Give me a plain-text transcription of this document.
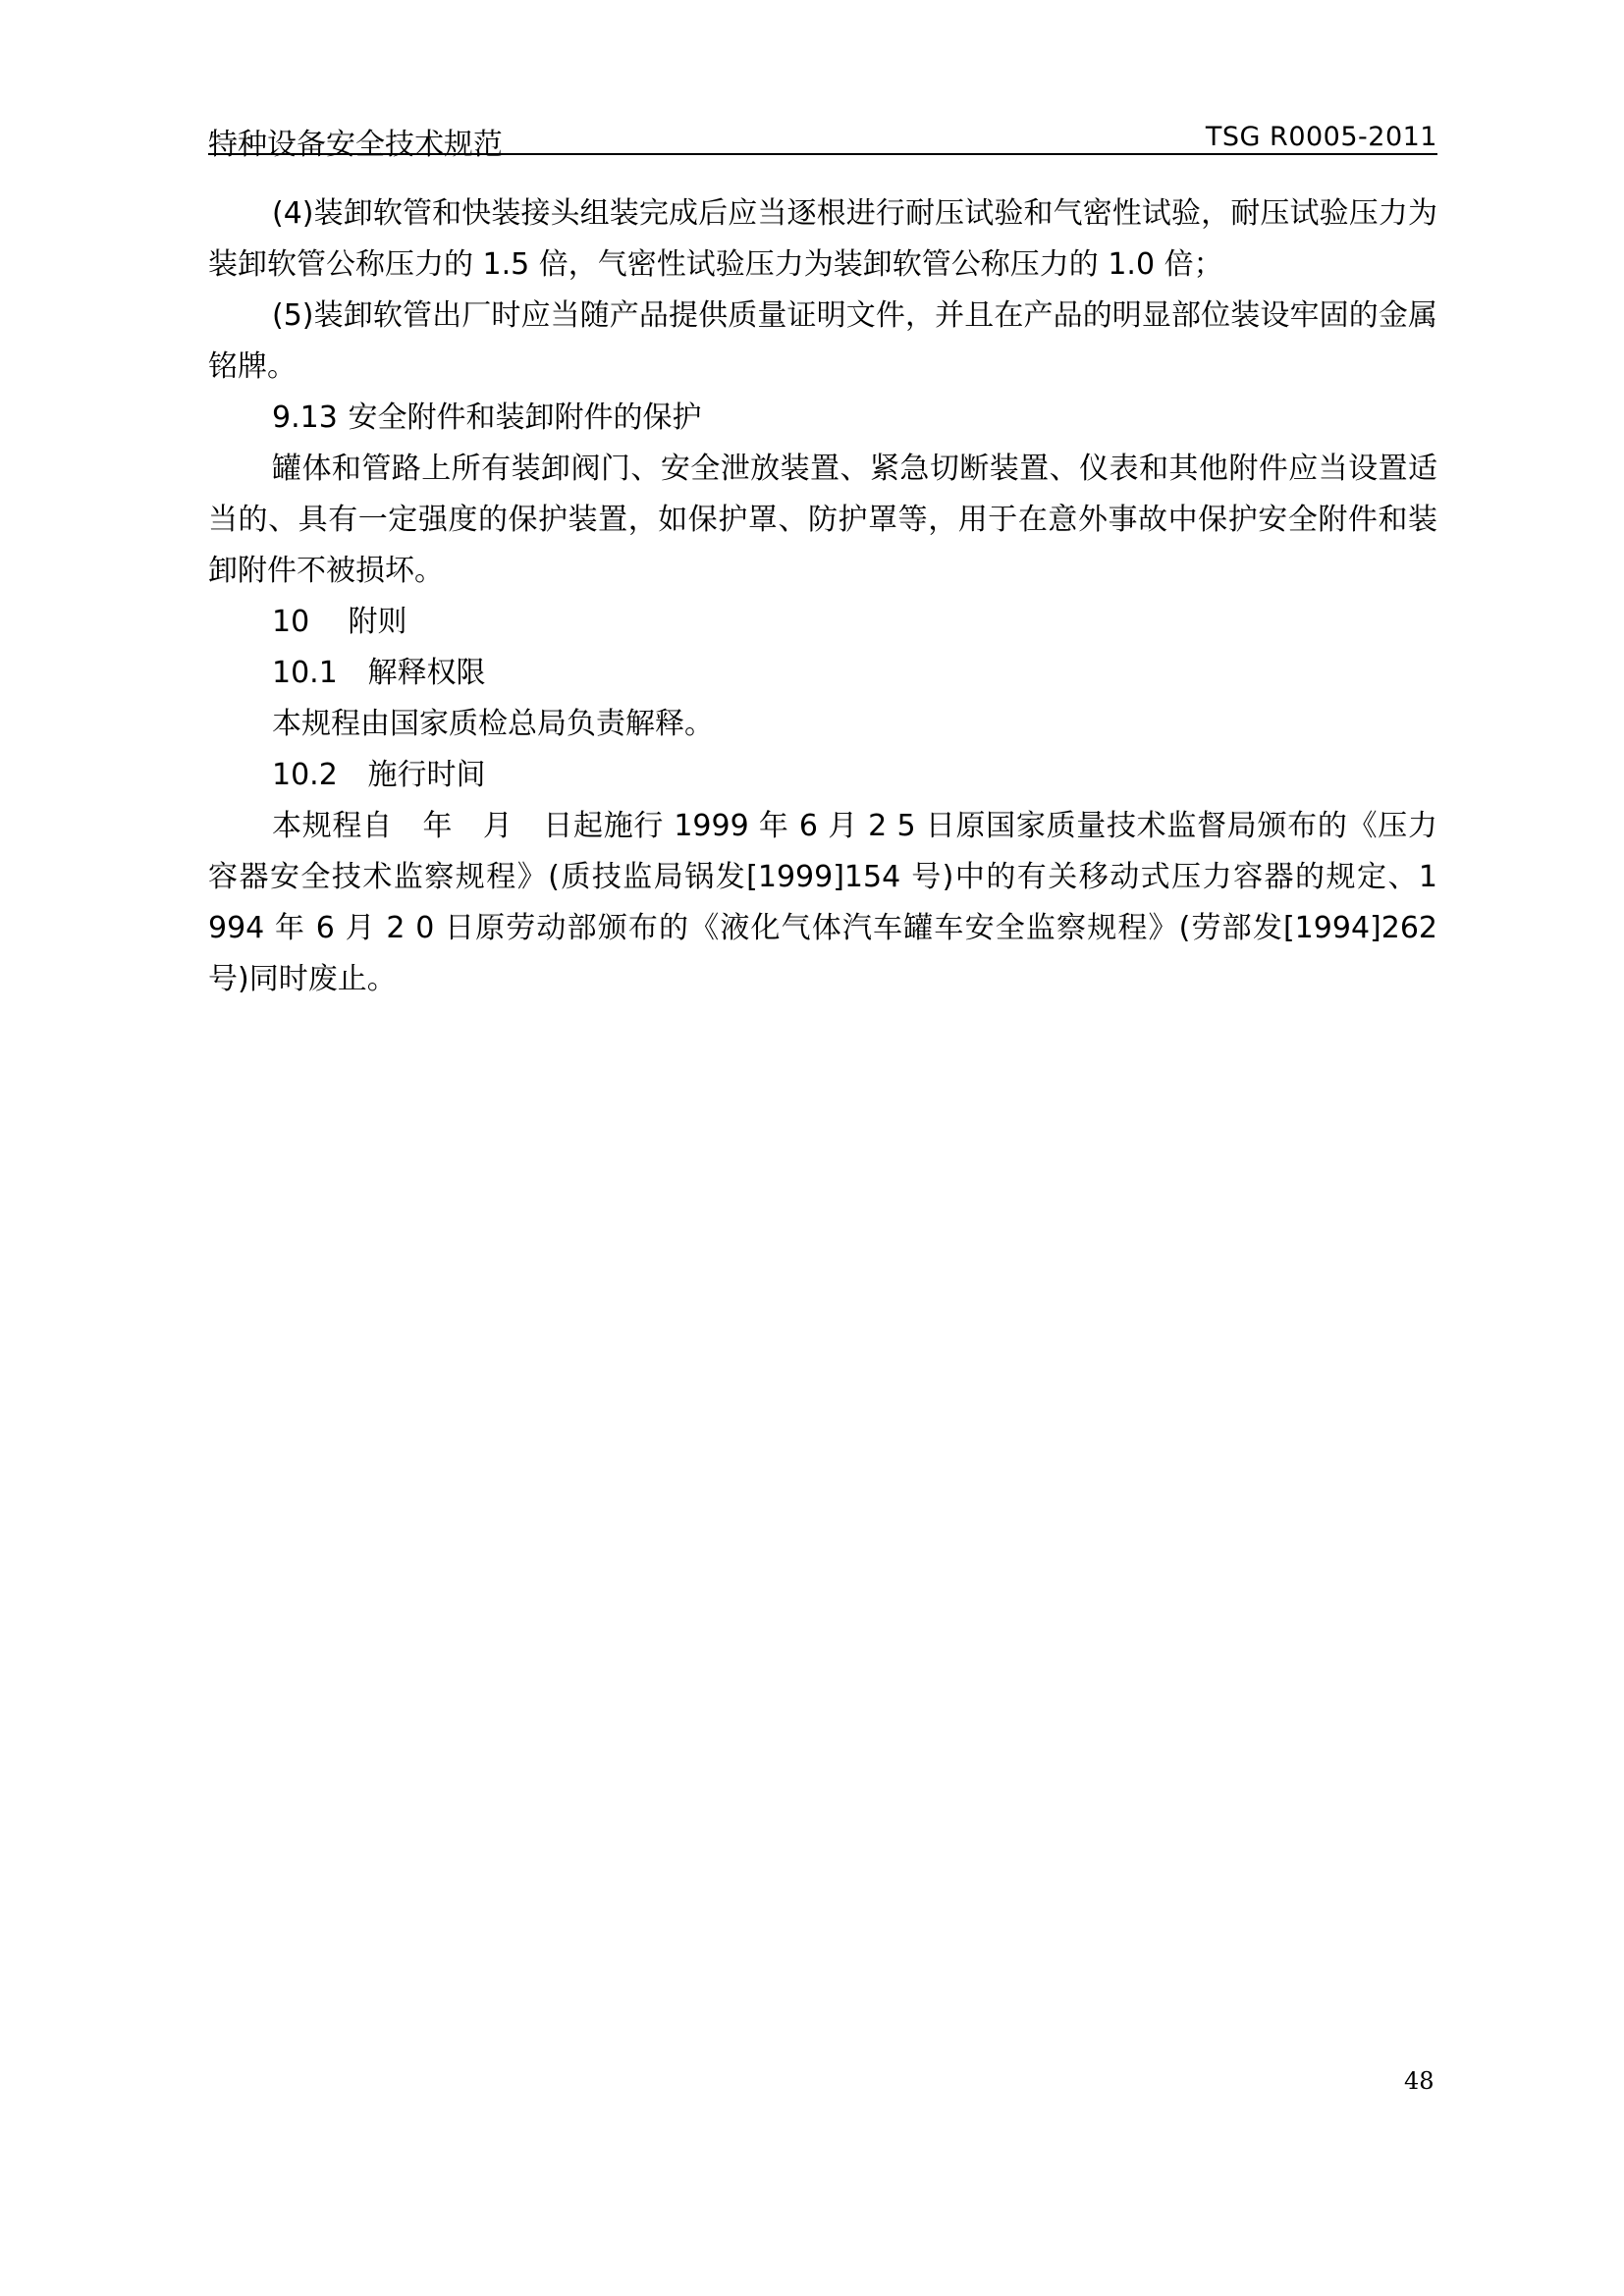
特种设备安全技术规范	TSG R0005-2011

(4)装卸软管和快装接头组装完成后应当逐根进行耐压试验和气密性试验，耐压试验压力为装卸软管公称压力的 1.5 倍，气密性试验压力为装卸软管公称压力的 1.0 倍；

(5)装卸软管出厂时应当随产品提供质量证明文件，并且在产品的明显部位装设牢固的金属铭牌。

9.13 安全附件和装卸附件的保护

罐体和管路上所有装卸阀门、安全泄放装置、紧急切断装置、仪表和其他附件应当设置适当的、具有一定强度的保护装置，如保护罩、防护罩等，用于在意外事故中保护安全附件和装卸附件不被损坏。

10 附则

10.1 解释权限

本规程由国家质检总局负责解释。

10.2 施行时间

本规程自　年　月　日起施行 1999 年 6 月 2 5 日原国家质量技术监督局颁布的《压力容器安全技术监察规程》(质技监局锅发[1999]154 号)中的有关移动式压力容器的规定、1 994 年 6 月 2 0 日原劳动部颁布的《液化气体汽车罐车安全监察规程》(劳部发[1994]262 号)同时废止。

48
